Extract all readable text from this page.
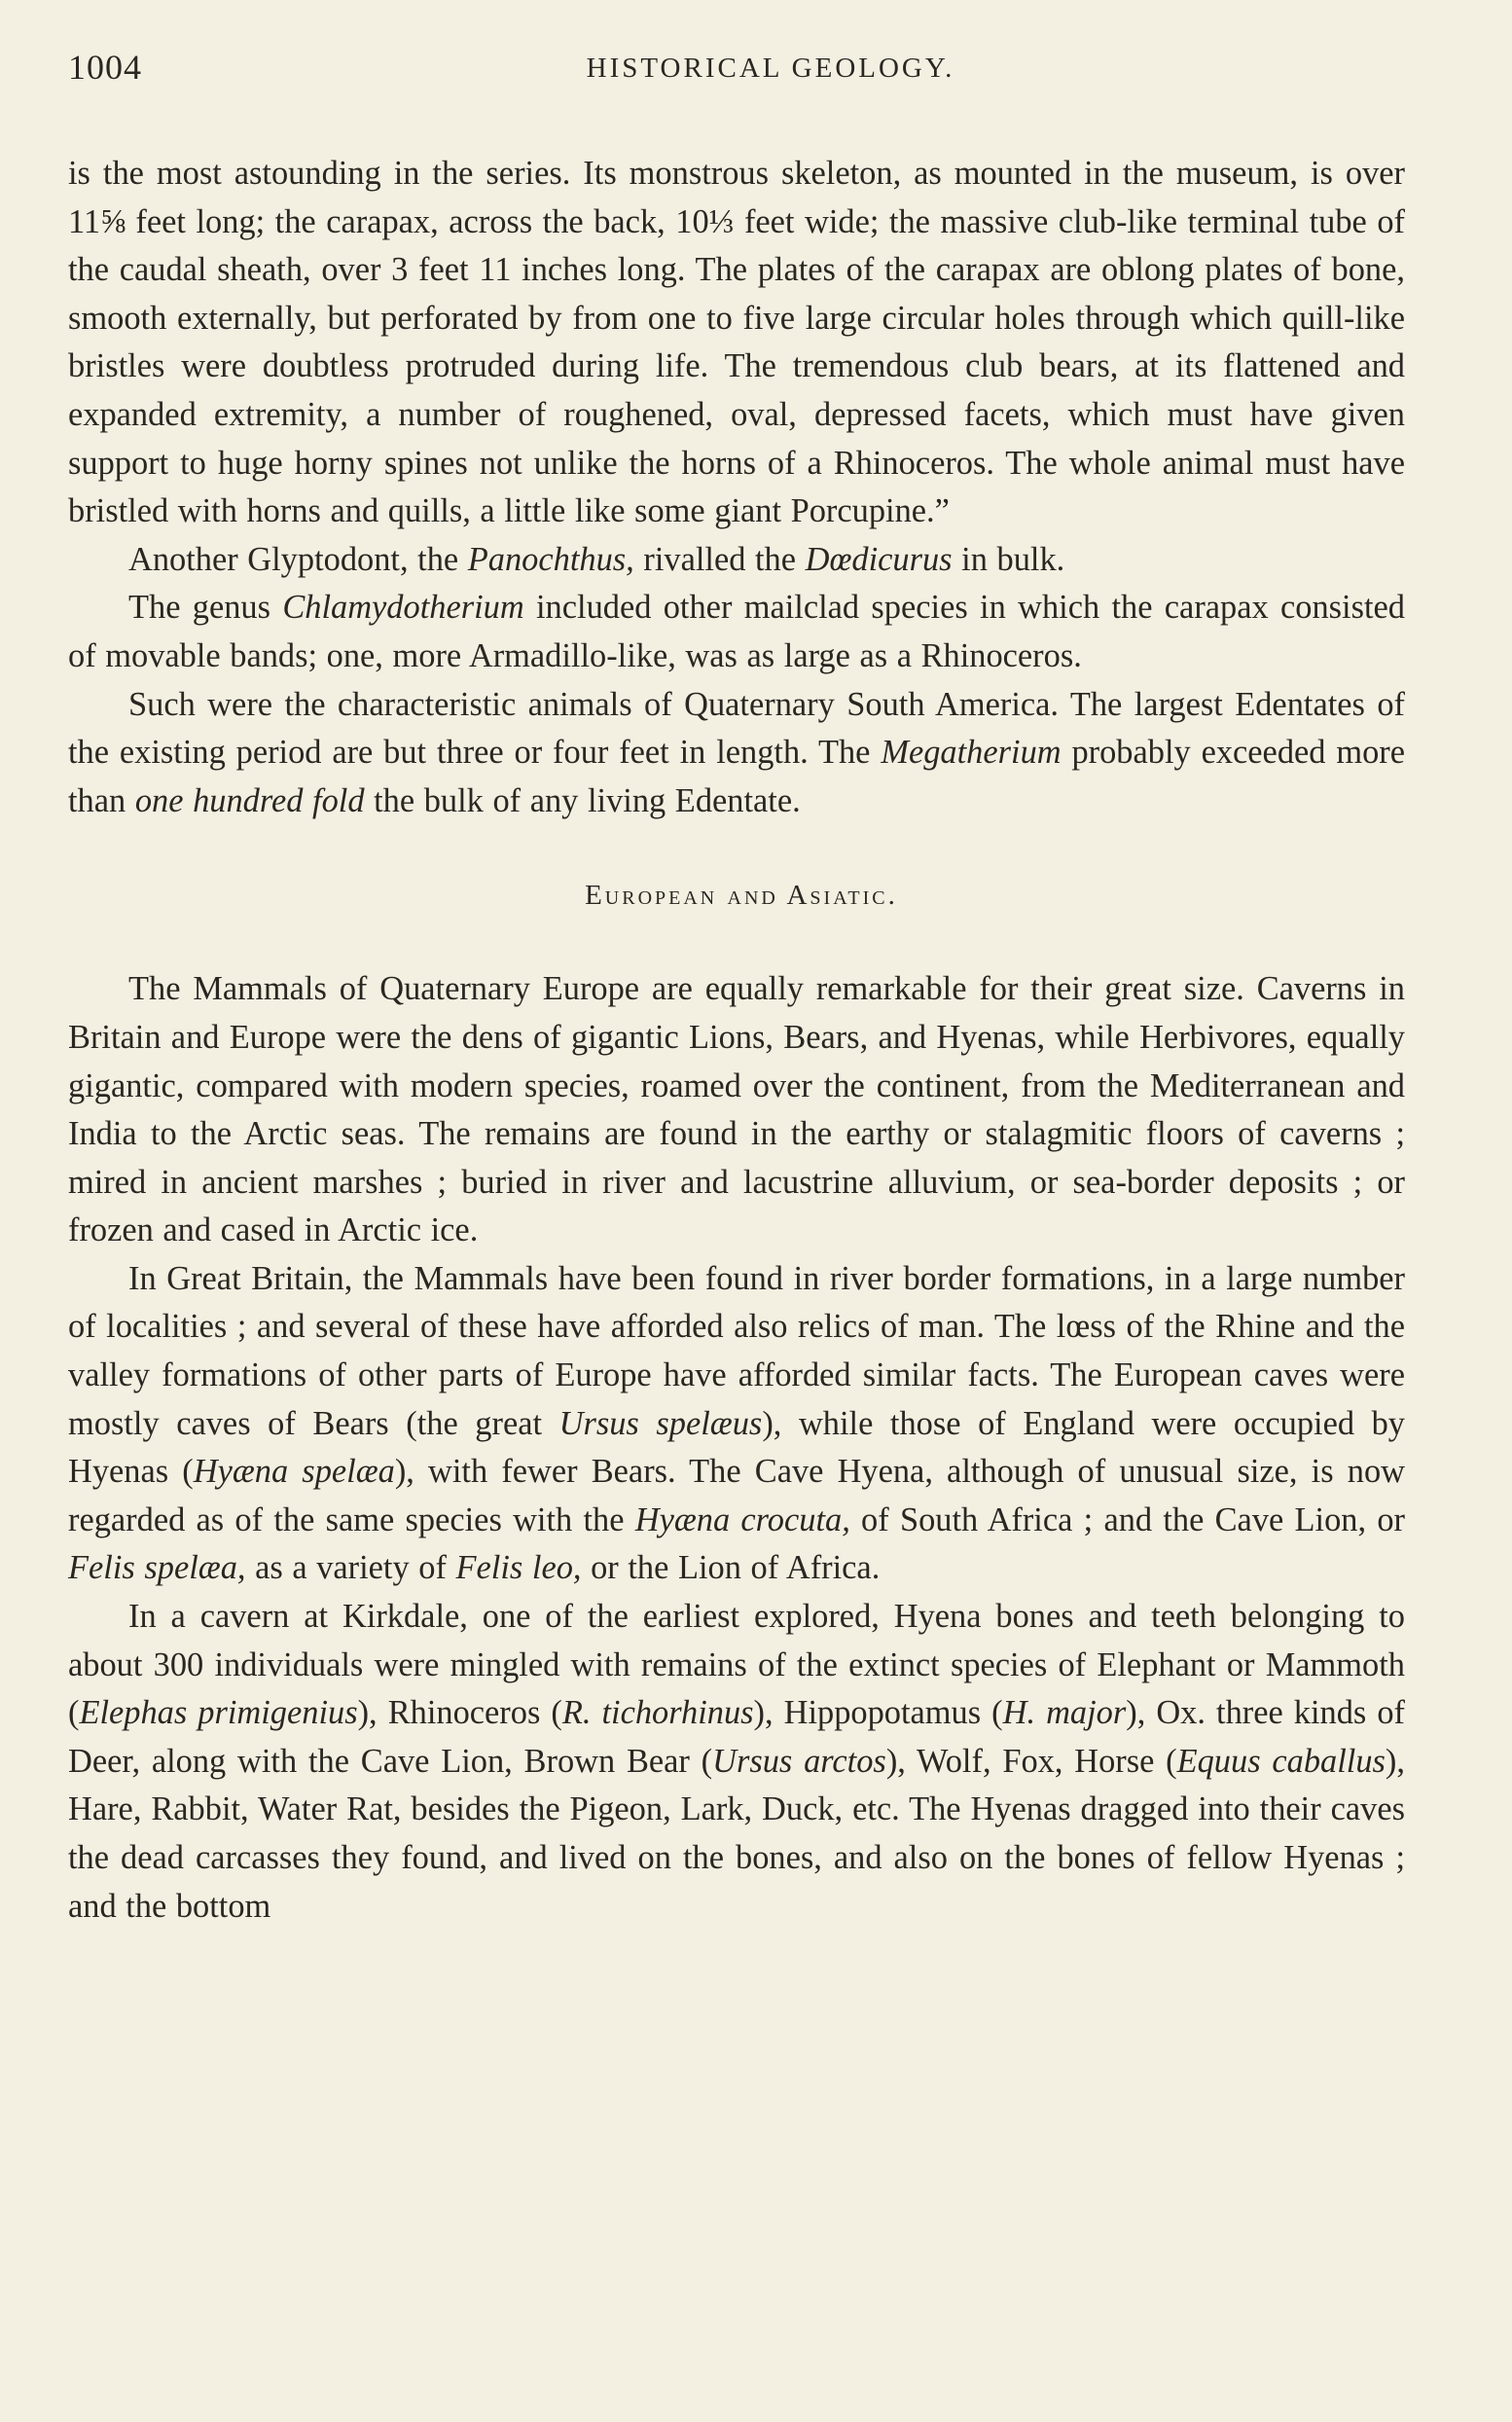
1004	HISTORICAL GEOLOGY.

is the most astounding in the series. Its monstrous skeleton, as mounted in the museum, is over 11⅝ feet long; the carapax, across the back, 10⅓ feet wide; the massive club-like terminal tube of the caudal sheath, over 3 feet 11 inches long. The plates of the carapax are oblong plates of bone, smooth externally, but perforated by from one to five large circular holes through which quill-like bristles were doubtless protruded during life. The tremendous club bears, at its flattened and expanded extremity, a number of roughened, oval, depressed facets, which must have given support to huge horny spines not unlike the horns of a Rhinoceros. The whole animal must have bristled with horns and quills, a little like some giant Porcupine.”

Another Glyptodont, the Panochthus, rivalled the Dœdicurus in bulk.

The genus Chlamydotherium included other mailclad species in which the carapax consisted of movable bands; one, more Armadillo-like, was as large as a Rhinoceros.

Such were the characteristic animals of Quaternary South America. The largest Edentates of the existing period are but three or four feet in length. The Megatherium probably exceeded more than one hundred fold the bulk of any living Edentate.

European and Asiatic.

The Mammals of Quaternary Europe are equally remarkable for their great size. Caverns in Britain and Europe were the dens of gigantic Lions, Bears, and Hyenas, while Herbivores, equally gigantic, compared with modern species, roamed over the continent, from the Mediterranean and India to the Arctic seas. The remains are found in the earthy or stalagmitic floors of caverns ; mired in ancient marshes ; buried in river and lacustrine alluvium, or sea-border deposits ; or frozen and cased in Arctic ice.

In Great Britain, the Mammals have been found in river border formations, in a large number of localities ; and several of these have afforded also relics of man. The lœss of the Rhine and the valley formations of other parts of Europe have afforded similar facts. The European caves were mostly caves of Bears (the great Ursus spelæus), while those of England were occupied by Hyenas (Hyæna spelæa), with fewer Bears. The Cave Hyena, although of unusual size, is now regarded as of the same species with the Hyæna crocuta, of South Africa ; and the Cave Lion, or Felis spelæa, as a variety of Felis leo, or the Lion of Africa.

In a cavern at Kirkdale, one of the earliest explored, Hyena bones and teeth belonging to about 300 individuals were mingled with remains of the extinct species of Elephant or Mammoth (Elephas primigenius), Rhinoceros (R. tichorhinus), Hippopotamus (H. major), Ox. three kinds of Deer, along with the Cave Lion, Brown Bear (Ursus arctos), Wolf, Fox, Horse (Equus caballus), Hare, Rabbit, Water Rat, besides the Pigeon, Lark, Duck, etc. The Hyenas dragged into their caves the dead carcasses they found, and lived on the bones, and also on the bones of fellow Hyenas ; and the bottom
